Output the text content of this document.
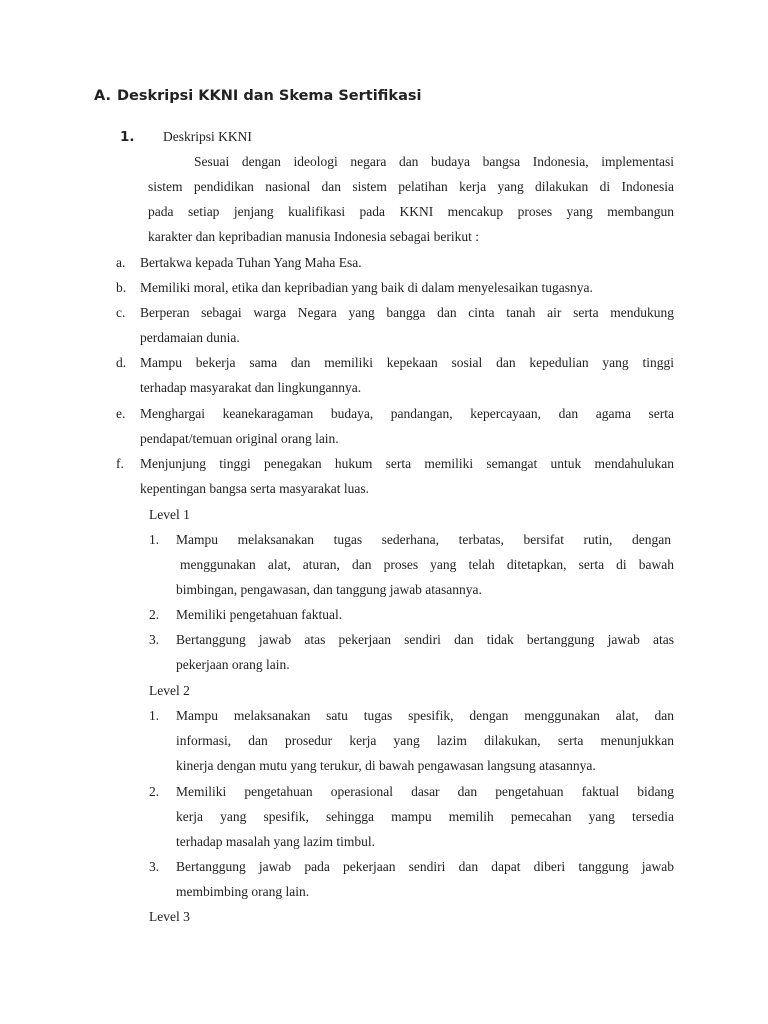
A. Deskripsi KKNI dan Skema Sertifikasi
1. Deskripsi KKNI
Sesuai dengan ideologi negara dan budaya bangsa Indonesia, implementasi
sistem pendidikan nasional dan sistem pelatihan kerja yang dilakukan di Indonesia
pada setiap jenjang kualifikasi pada KKNI mencakup proses yang membangun
karakter dan kepribadian manusia Indonesia sebagai berikut :
a. Bertakwa kepada Tuhan Yang Maha Esa.
b. Memiliki moral, etika dan kepribadian yang baik di dalam menyelesaikan tugasnya.
c. Berperan sebagai warga Negara yang bangga dan cinta tanah air serta mendukung
perdamaian dunia.
d. Mampu bekerja sama dan memiliki kepekaan sosial dan kepedulian yang tinggi
terhadap masyarakat dan lingkungannya.
e. Menghargai keanekaragaman budaya, pandangan, kepercayaan, dan agama serta
pendapat/temuan original orang lain.
f. Menjunjung tinggi penegakan hukum serta memiliki semangat untuk mendahulukan
kepentingan bangsa serta masyarakat luas.
Level 1
1. Mampu melaksanakan tugas sederhana, terbatas, bersifat rutin, dengan
menggunakan alat, aturan, dan proses yang telah ditetapkan, serta di bawah
bimbingan, pengawasan, dan tanggung jawab atasannya.
2. Memiliki pengetahuan faktual.
3. Bertanggung jawab atas pekerjaan sendiri dan tidak bertanggung jawab atas
pekerjaan orang lain.
Level 2
1. Mampu melaksanakan satu tugas spesifik, dengan menggunakan alat, dan
informasi, dan prosedur kerja yang lazim dilakukan, serta menunjukkan
kinerja dengan mutu yang terukur, di bawah pengawasan langsung atasannya.
2. Memiliki pengetahuan operasional dasar dan pengetahuan faktual bidang
kerja yang spesifik, sehingga mampu memilih pemecahan yang tersedia
terhadap masalah yang lazim timbul.
3. Bertanggung jawab pada pekerjaan sendiri dan dapat diberi tanggung jawab
membimbing orang lain.
Level 3
